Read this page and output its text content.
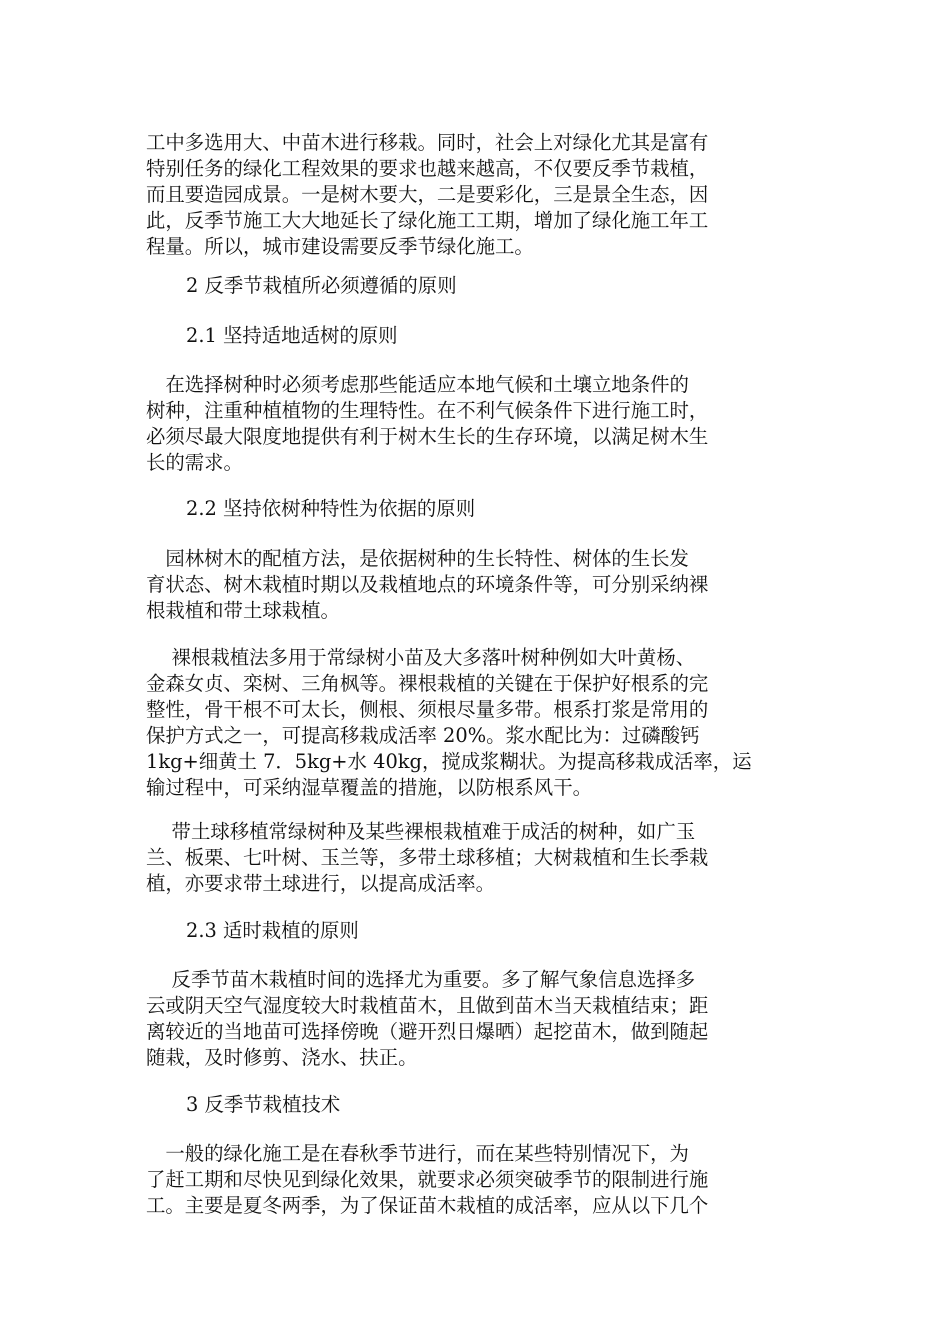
工中多选用大、中苗木进行移栽。同时，社会上对绿化尤其是富有
特别任务的绿化工程效果的要求也越来越高，不仅要反季节栽植，
而且要造园成景。一是树木要大，二是要彩化，三是景全生态，因
此，反季节施工大大地延长了绿化施工工期，增加了绿化施工年工
程量。所以，城市建设需要反季节绿化施工。
2 反季节栽植所必须遵循的原则
2.1 坚持适地适树的原则
　在选择树种时必须考虑那些能适应本地气候和土壤立地条件的
树种，注重种植植物的生理特性。在不利气候条件下进行施工时，
必须尽最大限度地提供有利于树木生长的生存环境，以满足树木生
长的需求。
2.2 坚持依树种特性为依据的原则
　园林树木的配植方法，是依据树种的生长特性、树体的生长发
育状态、树木栽植时期以及栽植地点的环境条件等，可分别采纳裸
根栽植和带土球栽植。
　 裸根栽植法多用于常绿树小苗及大多落叶树种例如大叶黄杨、
金森女贞、栾树、三角枫等。裸根栽植的关键在于保护好根系的完
整性，骨干根不可太长，侧根、须根尽量多带。根系打浆是常用的
保护方式之一，可提高移栽成活率 20%。浆水配比为：过磷酸钙
1kg+细黄土 7．5kg+水 40kg，搅成浆糊状。为提高移栽成活率，运
输过程中，可采纳湿草覆盖的措施，以防根系风干。
　 带土球移植常绿树种及某些裸根栽植难于成活的树种，如广玉
兰、板栗、七叶树、玉兰等，多带土球移植；大树栽植和生长季栽
植，亦要求带土球进行，以提高成活率。
2.3 适时栽植的原则
　 反季节苗木栽植时间的选择尤为重要。多了解气象信息选择多
云或阴天空气湿度较大时栽植苗木，且做到苗木当天栽植结束；距
离较近的当地苗可选择傍晚（避开烈日爆晒）起挖苗木，做到随起
随栽，及时修剪、浇水、扶正。
3 反季节栽植技术
　一般的绿化施工是在春秋季节进行，而在某些特别情况下，为
了赶工期和尽快见到绿化效果，就要求必须突破季节的限制进行施
工。主要是夏冬两季，为了保证苗木栽植的成活率，应从以下几个
